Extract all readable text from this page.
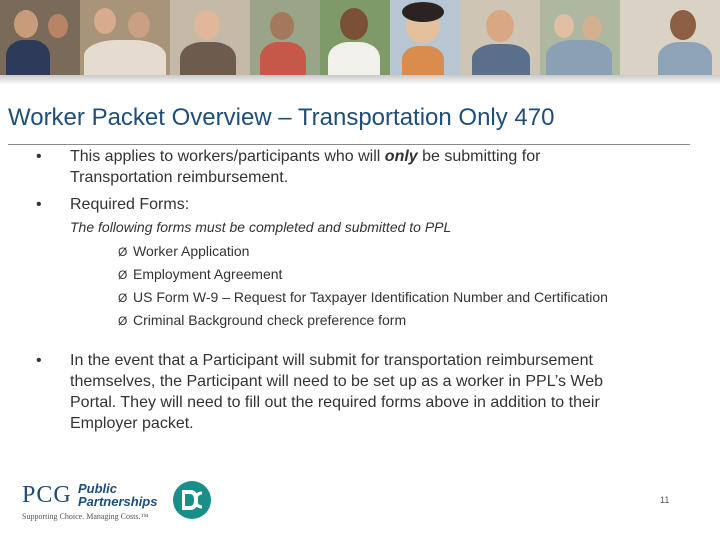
Worker Packet Overview – Transportation Only 470
• This applies to workers/participants who will only be submitting for
Transportation reimbursement.
• Required Forms:
The following forms must be completed and submitted to PPL
Ø Worker Application
Ø Employment Agreement
Ø US Form W-9 – Request for Taxpayer Identification Number and Certification
Ø Criminal Background check preference form
• In the event that a Participant will submit for transportation reimbursement
themselves, the Participant will need to be set up as a worker in PPL’s Web
Portal. They will need to fill out the required forms above in addition to their
Employer packet.
PCG Public
Partnerships
Supporting Choice. Managing Costs.™
11
